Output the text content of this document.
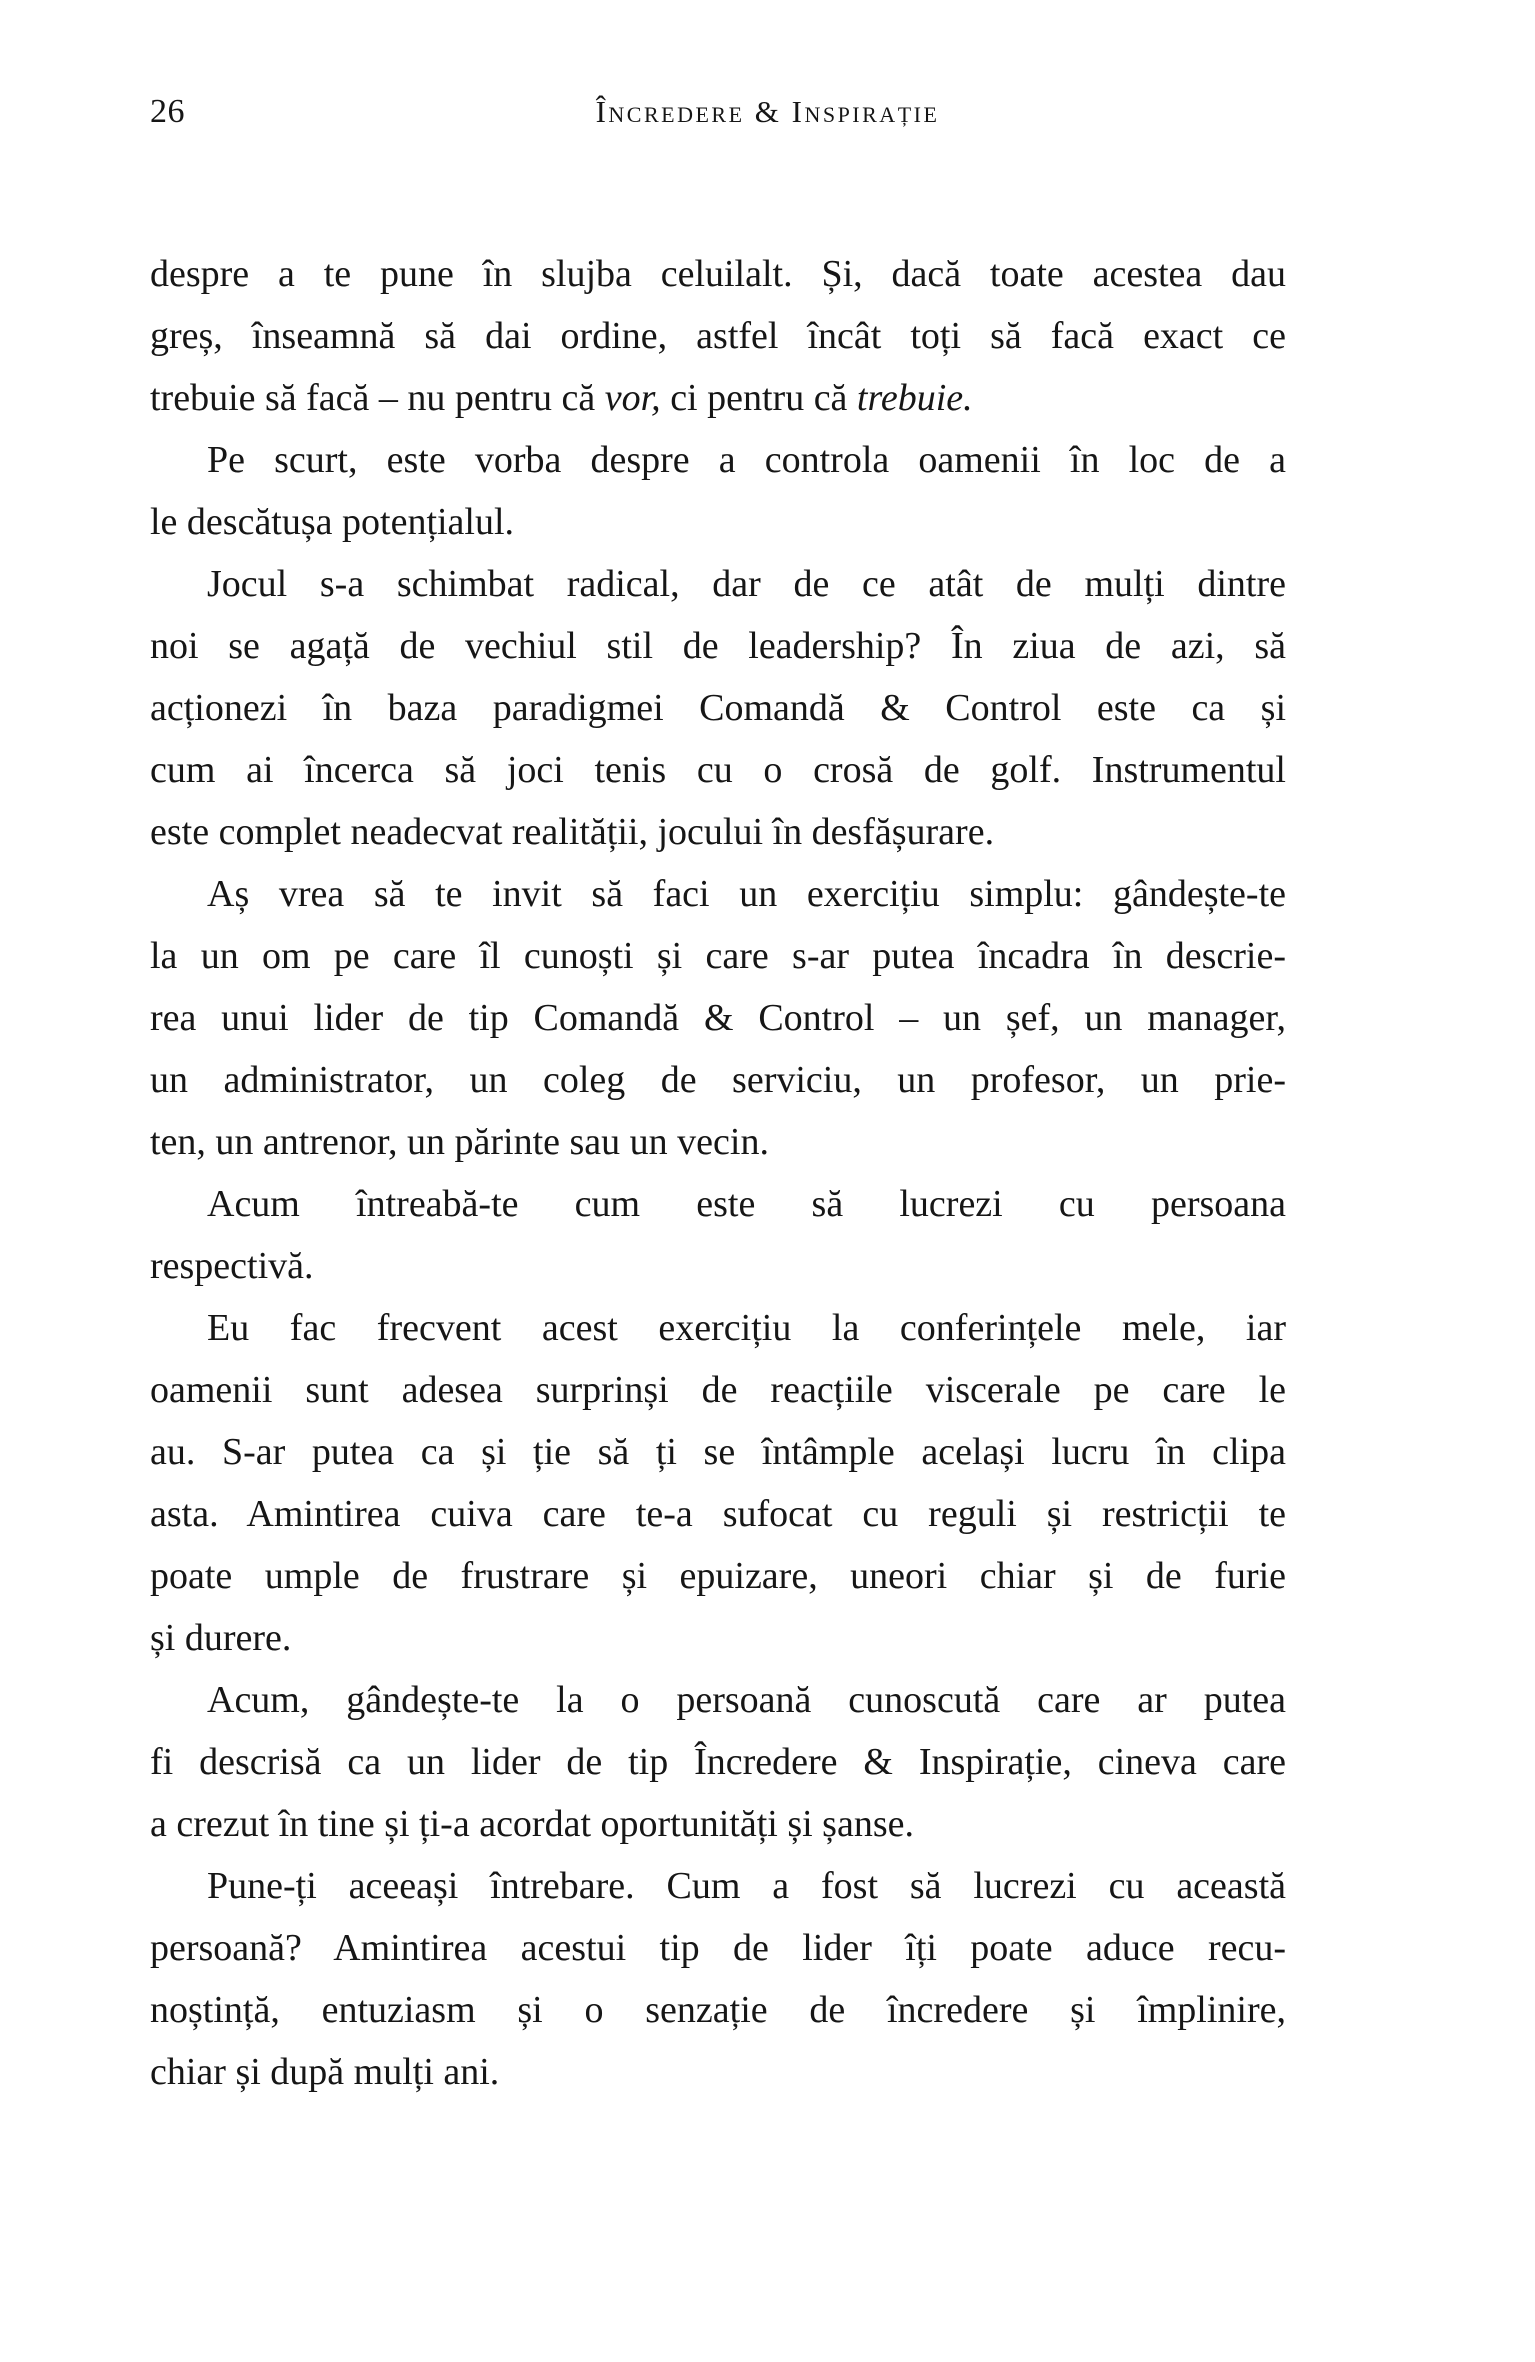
26	Încredere & Inspirație
despre a te pune în slujba celuilalt. Și, dacă toate acestea dau
greș, înseamnă să dai ordine, astfel încât toți să facă exact ce
trebuie să facă – nu pentru că vor, ci pentru că trebuie.
Pe scurt, este vorba despre a controla oamenii în loc de a
le descătușa potențialul.
Jocul s-a schimbat radical, dar de ce atât de mulți dintre
noi se agață de vechiul stil de leadership? În ziua de azi, să
acționezi în baza paradigmei Comandă & Control este ca și
cum ai încerca să joci tenis cu o crosă de golf. Instrumentul
este complet neadecvat realității, jocului în desfășurare.
Aș vrea să te invit să faci un exercițiu simplu: gândește-te
la un om pe care îl cunoști și care s-ar putea încadra în descrie-
rea unui lider de tip Comandă & Control – un șef, un manager,
un administrator, un coleg de serviciu, un profesor, un prie-
ten, un antrenor, un părinte sau un vecin.
Acum întreabă-te cum este să lucrezi cu persoana
respectivă.
Eu fac frecvent acest exercițiu la conferințele mele, iar
oamenii sunt adesea surprinși de reacțiile viscerale pe care le
au. S-ar putea ca și ție să ți se întâmple același lucru în clipa
asta. Amintirea cuiva care te-a sufocat cu reguli și restricții te
poate umple de frustrare și epuizare, uneori chiar și de furie
și durere.
Acum, gândește-te la o persoană cunoscută care ar putea
fi descrisă ca un lider de tip Încredere & Inspirație, cineva care
a crezut în tine și ți-a acordat oportunități și șanse.
Pune-ți aceeași întrebare. Cum a fost să lucrezi cu această
persoană? Amintirea acestui tip de lider îți poate aduce recu-
noștință, entuziasm și o senzație de încredere și împlinire,
chiar și după mulți ani.
